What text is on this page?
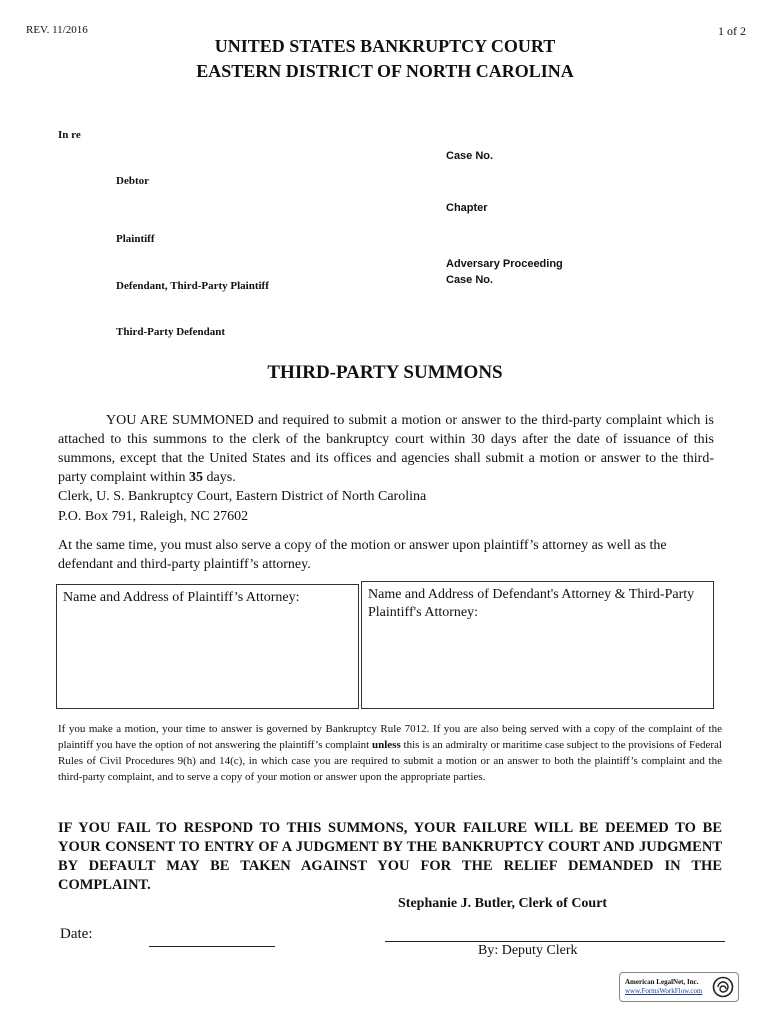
REV. 11/2016	1 of 2
UNITED STATES BANKRUPTCY COURT
EASTERN DISTRICT OF NORTH CAROLINA
In re
Debtor
Plaintiff
Defendant, Third-Party Plaintiff
Third-Party Defendant
Case No.
Chapter
Adversary Proceeding
Case No.
THIRD-PARTY SUMMONS

YOU ARE SUMMONED and required to submit a motion or answer to the third-party complaint which is attached to this summons to the clerk of the bankruptcy court within 30 days after the date of issuance of this summons, except that the United States and its offices and agencies shall submit a motion or answer to the third-party complaint within 35 days.

Clerk, U. S. Bankruptcy Court, Eastern District of North Carolina
P.O. Box 791, Raleigh, NC 27602
At the same time, you must also serve a copy of the motion or answer upon plaintiff’s attorney as well as the defendant and third-party plaintiff’s attorney.
Name and Address of Plaintiff’s Attorney:	Name and Address of Defendant's Attorney & Third-Party Plaintiff's Attorney:
If you make a motion, your time to answer is governed by Bankruptcy Rule 7012. If you are also being served with a copy of the complaint of the plaintiff you have the option of not answering the plaintiff’s complaint unless this is an admiralty or maritime case subject to the provisions of Federal Rules of Civil Procedures 9(h) and 14(c), in which case you are required to submit a motion or an answer to both the plaintiff’s complaint and the third-party complaint, and to serve a copy of your motion or answer upon the appropriate parties.
IF YOU FAIL TO RESPOND TO THIS SUMMONS, YOUR FAILURE WILL BE DEEMED TO BE YOUR CONSENT TO ENTRY OF A JUDGMENT BY THE BANKRUPTCY COURT AND JUDGMENT BY DEFAULT MAY BE TAKEN AGAINST YOU FOR THE RELIEF DEMANDED IN THE COMPLAINT.
Stephanie J. Butler, Clerk of Court
Date:
By: Deputy Clerk
American LegalNet, Inc.
www.FormsWorkFlow.com
